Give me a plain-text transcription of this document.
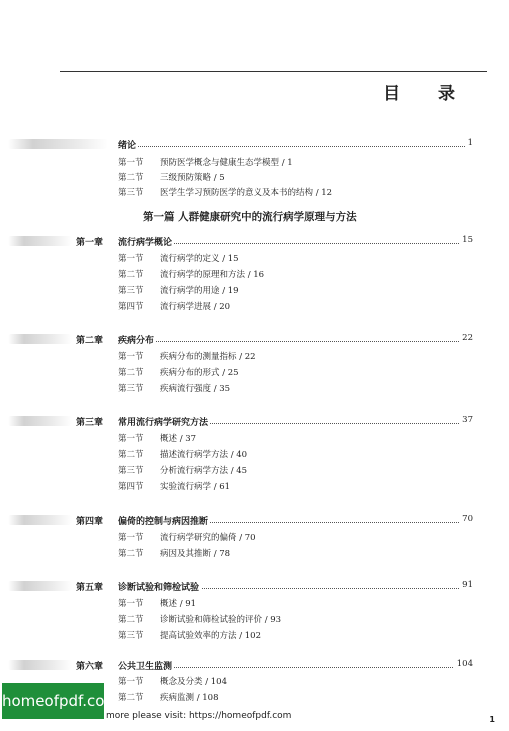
目 录
绪论	1
第一节 预防医学概念与健康生态学模型 / 1
第二节 三级预防策略 / 5
第三节 医学生学习预防医学的意义及本书的结构 / 12
第一篇 人群健康研究中的流行病学原理与方法
第一章 流行病学概论	15
第一节 流行病学的定义 / 15
第二节 流行病学的原理和方法 / 16
第三节 流行病学的用途 / 19
第四节 流行病学进展 / 20
第二章 疾病分布	22
第一节 疾病分布的测量指标 / 22
第二节 疾病分布的形式 / 25
第三节 疾病流行强度 / 35
第三章 常用流行病学研究方法	37
第一节 概述 / 37
第二节 描述流行病学方法 / 40
第三节 分析流行病学方法 / 45
第四节 实验流行病学 / 61
第四章 偏倚的控制与病因推断	70
第一节 流行病学研究的偏倚 / 70
第二节 病因及其推断 / 78
第五章 诊断试验和筛检试验	91
第一节 概述 / 91
第二节 诊断试验和筛检试验的评价 / 93
第三节 提高试验效率的方法 / 102
第六章 公共卫生监测	104
第一节 概念及分类 / 104
第二节 疾病监测 / 108
homeofpdf.com
more please visit: https://homeofpdf.com	1
